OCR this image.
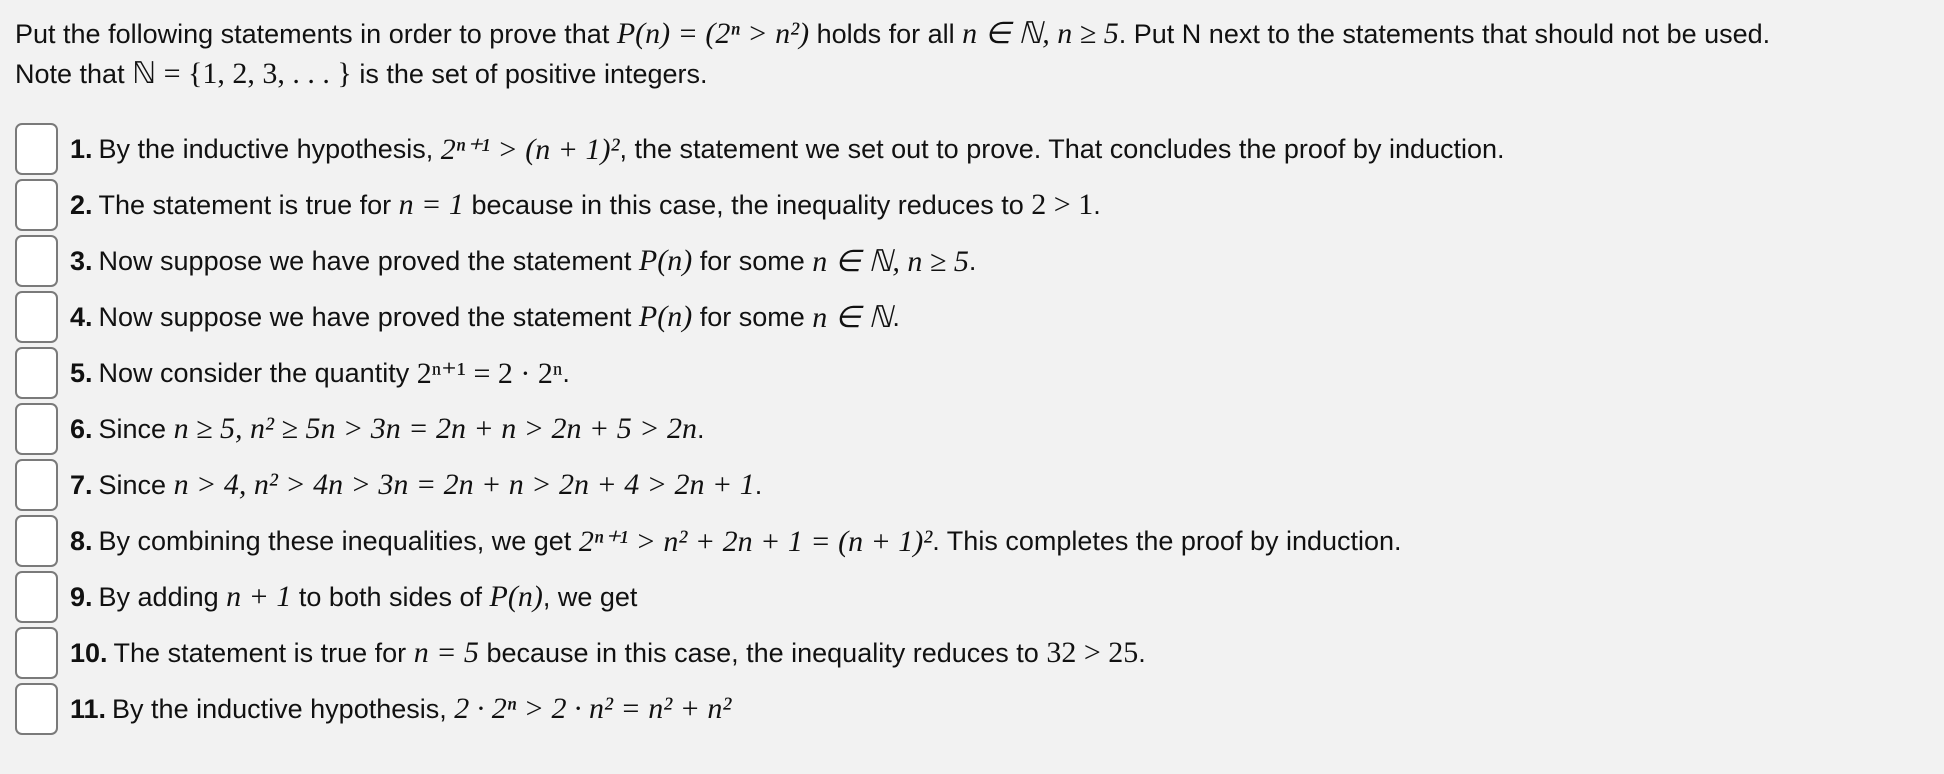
Put the following statements in order to prove that P(n) = (2ⁿ > n²) holds for all n ∈ ℕ, n ≥ 5. Put N next to the statements that should not be used.
Note that ℕ = {1, 2, 3, . . . } is the set of positive integers.
1. By the inductive hypothesis,
2ⁿ⁺¹ > (n + 1)² , the statement we set out to prove. That concludes the proof by induction.
2. The statement is true for
n = 1
because in this case, the inequality reduces to
2 > 1 .
3. Now suppose we have proved the statement
P(n)
for some
n ∈ ℕ, n ≥ 5 .
4. Now suppose we have proved the statement
P(n)
for some
n ∈ ℕ .
5. Now consider the quantity
2ⁿ⁺¹ = 2 · 2ⁿ .
6. Since
n ≥ 5, n² ≥ 5n > 3n = 2n + n > 2n + 5 > 2n .
7. Since
n > 4, n² > 4n > 3n = 2n + n > 2n + 4 > 2n + 1 .
8. By combining these inequalities, we get
2ⁿ⁺¹ > n² + 2n + 1 = (n + 1)² . This completes the proof by induction.
9. By adding
n + 1
to both sides of
P(n) , we get
10. The statement is true for
n = 5
because in this case, the inequality reduces to
32 > 25 .
11. By the inductive hypothesis,
2 · 2ⁿ > 2 · n² = n² + n²
